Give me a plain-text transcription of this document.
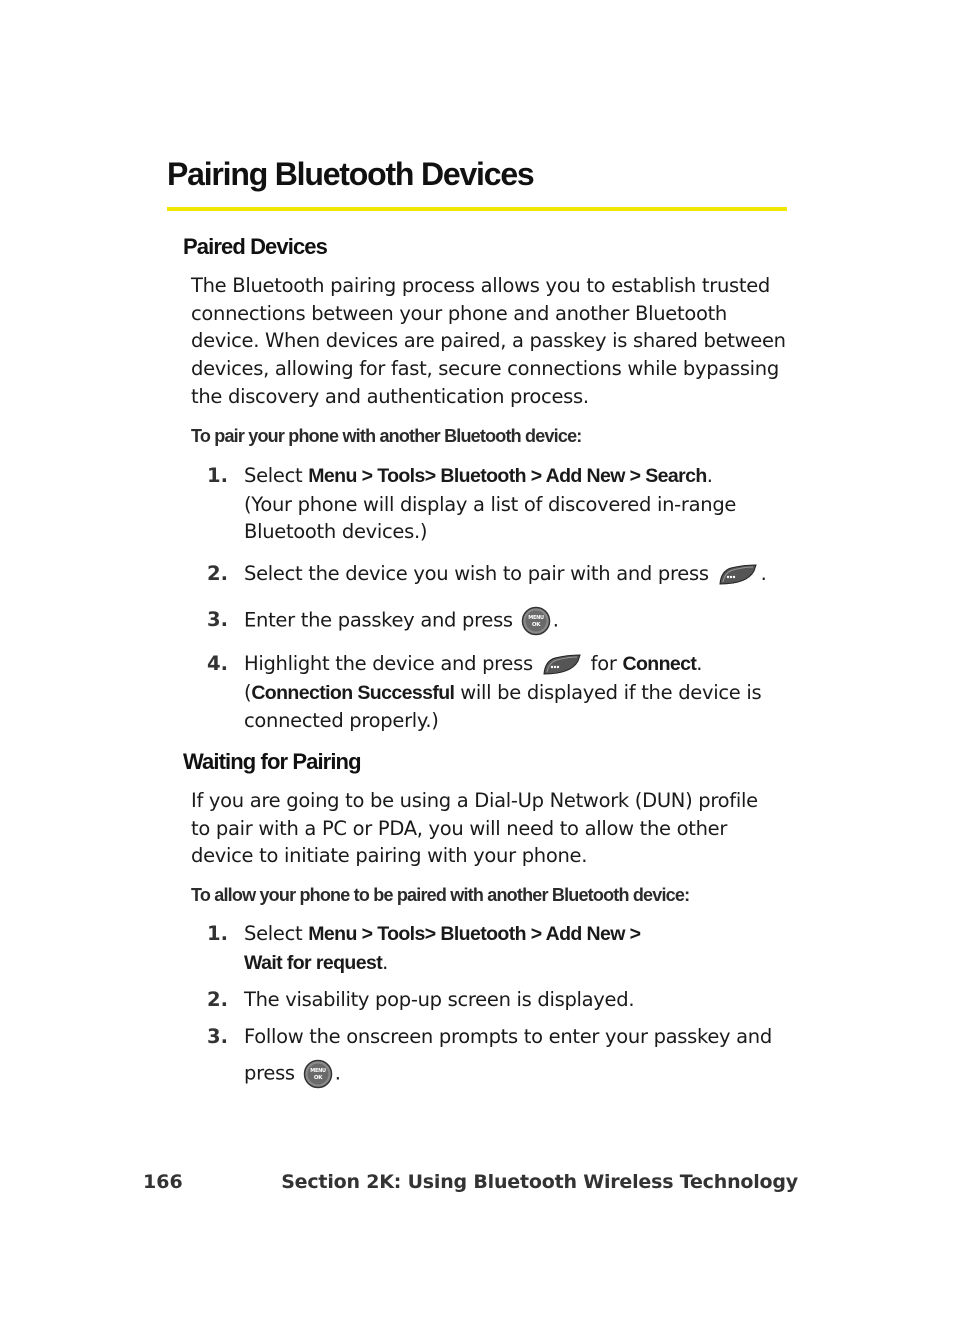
Pairing Bluetooth Devices
Paired Devices

The Bluetooth pairing process allows you to establish trusted
connections between your phone and another Bluetooth
device. When devices are paired, a passkey is shared between
devices, allowing for fast, secure connections while bypassing
the discovery and authentication process.

To pair your phone with another Bluetooth device:

1. Select Menu > Tools> Bluetooth > Add New > Search.
(Your phone will display a list of discovered in-range
Bluetooth devices.)
2. Select the device you wish to pair with and press	.
3. Enter the passkey and press	MENU
OK .
4. Highlight the device and press	for Connect.
(Connection Successful will be displayed if the device is
connected properly.)
Waiting for Pairing

If you are going to be using a Dial-Up Network (DUN) profile
to pair with a PC or PDA, you will need to allow the other
device to initiate pairing with your phone.

To allow your phone to be paired with another Bluetooth device:

1. Select Menu > Tools> Bluetooth > Add New >
Wait for request.
2. The visability pop-up screen is displayed.
3. Follow the onscreen prompts to enter your passkey and
press MENU
OK .

166	Section 2K: Using Bluetooth Wireless Technology
